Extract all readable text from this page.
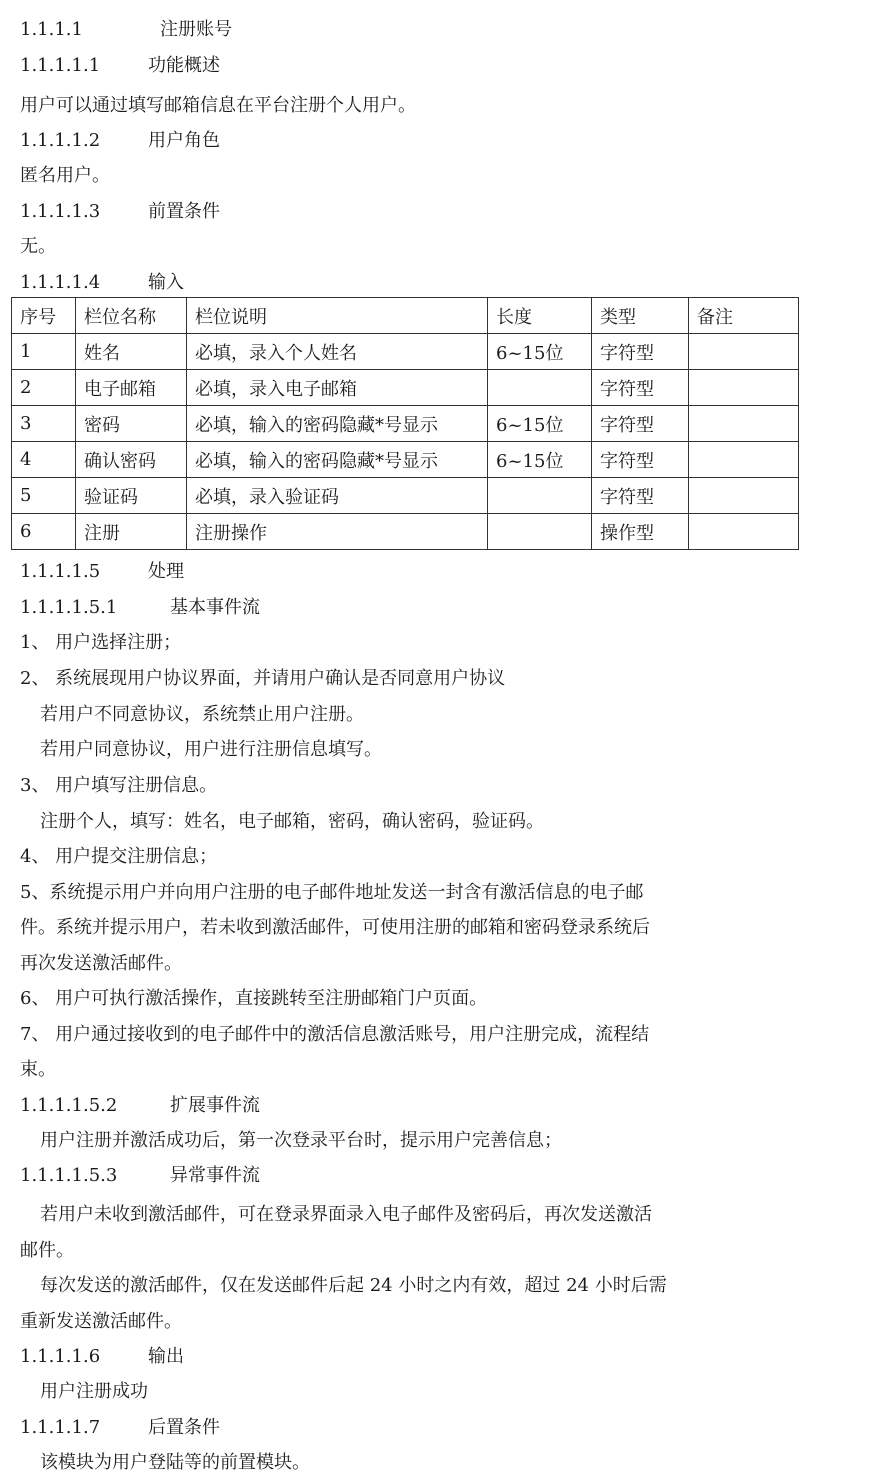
1.1.1.1	注册账号
1.1.1.1.1	功能概述
用户可以通过填写邮箱信息在平台注册个人用户。
1.1.1.1.2	用户角色
匿名用户。
1.1.1.1.3	前置条件
无。
1.1.1.1.4	输入
序号	栏位名称	栏位说明	长度	类型	备注
1	姓名	必填，录入个人姓名	6~15位	字符型	
2	电子邮箱	必填，录入电子邮箱		字符型	
3	密码	必填，输入的密码隐藏*号显示	6~15位	字符型	
4	确认密码	必填，输入的密码隐藏*号显示	6~15位	字符型	
5	验证码	必填，录入验证码		字符型	
6	注册	注册操作		操作型	
1.1.1.1.5	处理
1.1.1.1.5.1	基本事件流
1、 用户选择注册；
2、 系统展现用户协议界面，并请用户确认是否同意用户协议
若用户不同意协议，系统禁止用户注册。
若用户同意协议，用户进行注册信息填写。
3、 用户填写注册信息。
注册个人，填写：姓名，电子邮箱，密码，确认密码，验证码。
4、 用户提交注册信息；
5、系统提示用户并向用户注册的电子邮件地址发送一封含有激活信息的电子邮
件。系统并提示用户，若未收到激活邮件，可使用注册的邮箱和密码登录系统后
再次发送激活邮件。
6、 用户可执行激活操作，直接跳转至注册邮箱门户页面。
7、 用户通过接收到的电子邮件中的激活信息激活账号，用户注册完成，流程结
束。
1.1.1.1.5.2	扩展事件流
用户注册并激活成功后，第一次登录平台时，提示用户完善信息；
1.1.1.1.5.3	异常事件流
若用户未收到激活邮件，可在登录界面录入电子邮件及密码后，再次发送激活
邮件。
每次发送的激活邮件，仅在发送邮件后起 24 小时之内有效，超过 24 小时后需
重新发送激活邮件。
1.1.1.1.6	输出
用户注册成功
1.1.1.1.7	后置条件
该模块为用户登陆等的前置模块。
